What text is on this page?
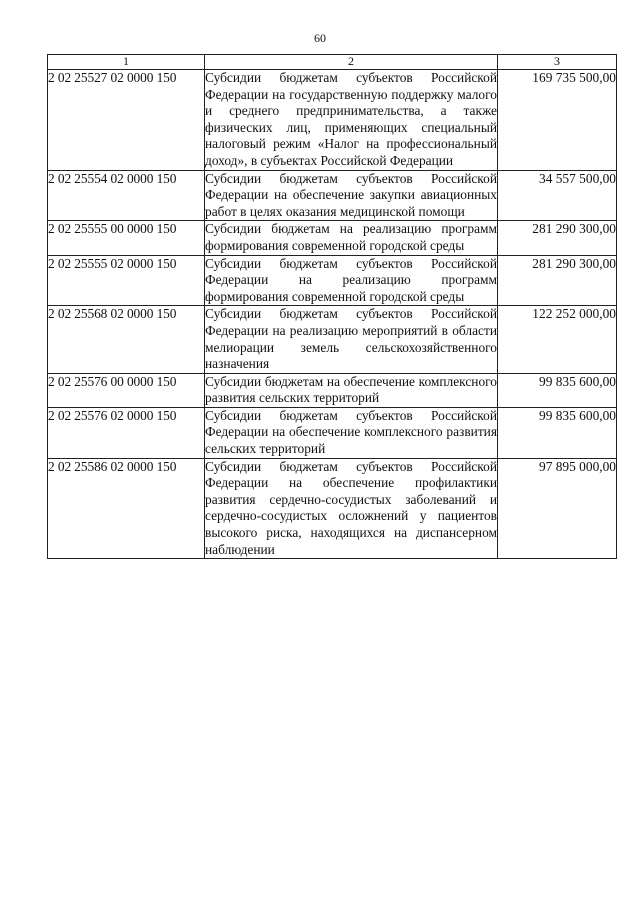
60
1	2	3
2 02 25527 02 0000 150	Субсидии бюджетам субъектов Российской Федерации на государственную поддержку малого и среднего предпринимательства, а также физических лиц, применяющих специальный налоговый режим «Налог на профессиональный доход», в субъектах Российской Федерации	169 735 500,00
2 02 25554 02 0000 150	Субсидии бюджетам субъектов Российской Федерации на обеспечение закупки авиационных работ в целях оказания медицинской помощи	34 557 500,00
2 02 25555 00 0000 150	Субсидии бюджетам на реализацию программ формирования современной городской среды	281 290 300,00
2 02 25555 02 0000 150	Субсидии бюджетам субъектов Российской Федерации на реализацию программ формирования современной городской среды	281 290 300,00
2 02 25568 02 0000 150	Субсидии бюджетам субъектов Российской Федерации на реализацию мероприятий в области мелиорации земель сельскохозяйственного назначения	122 252 000,00
2 02 25576 00 0000 150	Субсидии бюджетам на обеспечение комплексного развития сельских территорий	99 835 600,00
2 02 25576 02 0000 150	Субсидии бюджетам субъектов Российской Федерации на обеспечение комплексного развития сельских территорий	99 835 600,00
2 02 25586 02 0000 150	Субсидии бюджетам субъектов Российской Федерации на обеспечение профилактики развития сердечно-сосудистых заболеваний и сердечно-сосудистых осложнений у пациентов высокого риска, находящихся на диспансерном наблюдении	97 895 000,00
